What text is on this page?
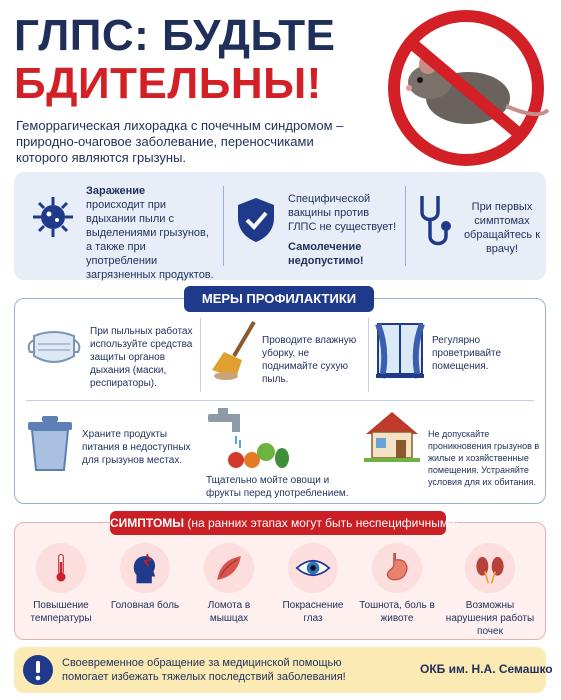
ГЛПС: БУДЬТЕ
БДИТЕЛЬНЫ!
Геморрагическая лихорадка с почечным синдромом – природно-очаговое заболевание, переносчиками которого являются грызуны.
Заражение
происходит при вдыхании пыли с выделениями грызунов, а также при употреблении загрязненных продуктов.
Специфической вакцины против ГЛПС не существует!
Самолечение недопустимо!
При первых симптомах обращайтесь к врачу!
МЕРЫ ПРОФИЛАКТИКИ
При пыльных работах используйте средства защиты органов дыхания (маски, респираторы).
Проводите влажную уборку, не поднимайте сухую пыль.
Регулярно проветривайте помещения.
Храните продукты питания в недоступных для грызунов местах.
Тщательно мойте овощи и фрукты перед употреблением.
Не допускайте проникновения грызунов в жилые и хозяйственные помещения. Устраняйте условия для их обитания.
СИМПТОМЫ (на ранних этапах могут быть неспецифичными)
Повышение температуры
Головная боль	Ломота в мышцах
Покраснение глаз
Тошнота, боль в животе
Возможны нарушения работы почек
Своевременное обращение за медицинской помощью помогает избежать тяжелых последствий заболевания!
ОКБ им. Н.А. Семашко
